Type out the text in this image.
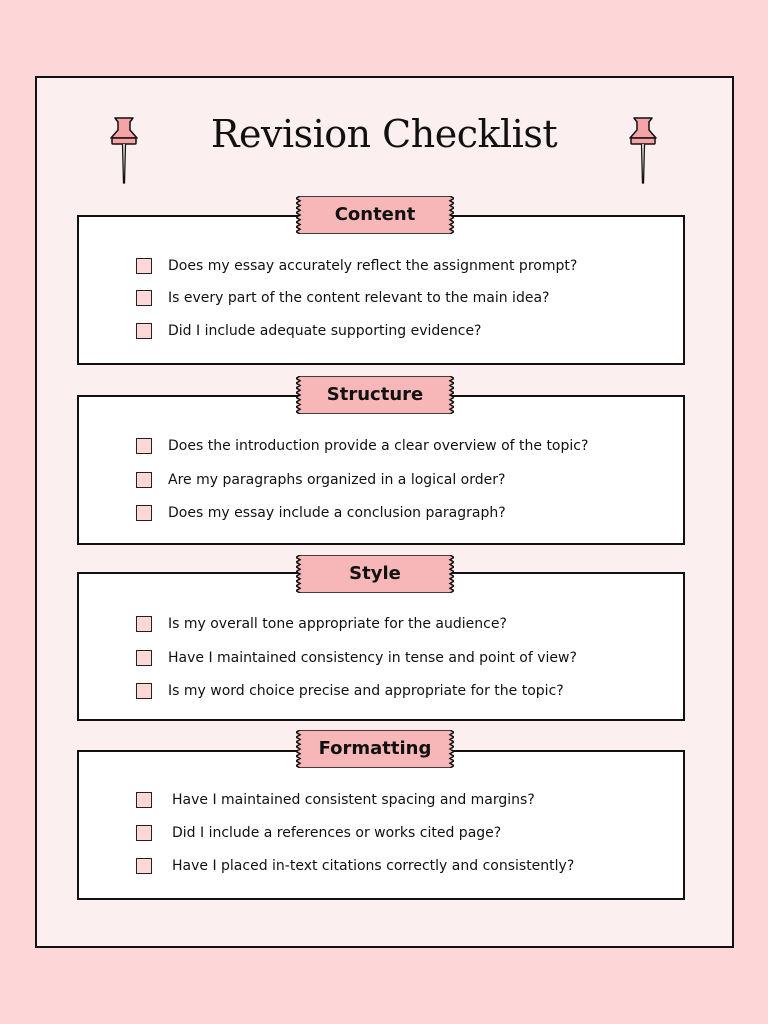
Revision Checklist
Does my essay accurately reflect the assignment prompt?
Is every part of the content relevant to the main idea?
Did I include adequate supporting evidence?
Does the introduction provide a clear overview of the topic?
Are my paragraphs organized in a logical order?
Does my essay include a conclusion paragraph?
Is my overall tone appropriate for the audience?
Have I maintained consistency in tense and point of view?
Is my word choice precise and appropriate for the topic?
Have I maintained consistent spacing and margins?
Did I include a references or works cited page?
Have I placed in-text citations correctly and consistently?
Content
Structure
Style
Formatting
